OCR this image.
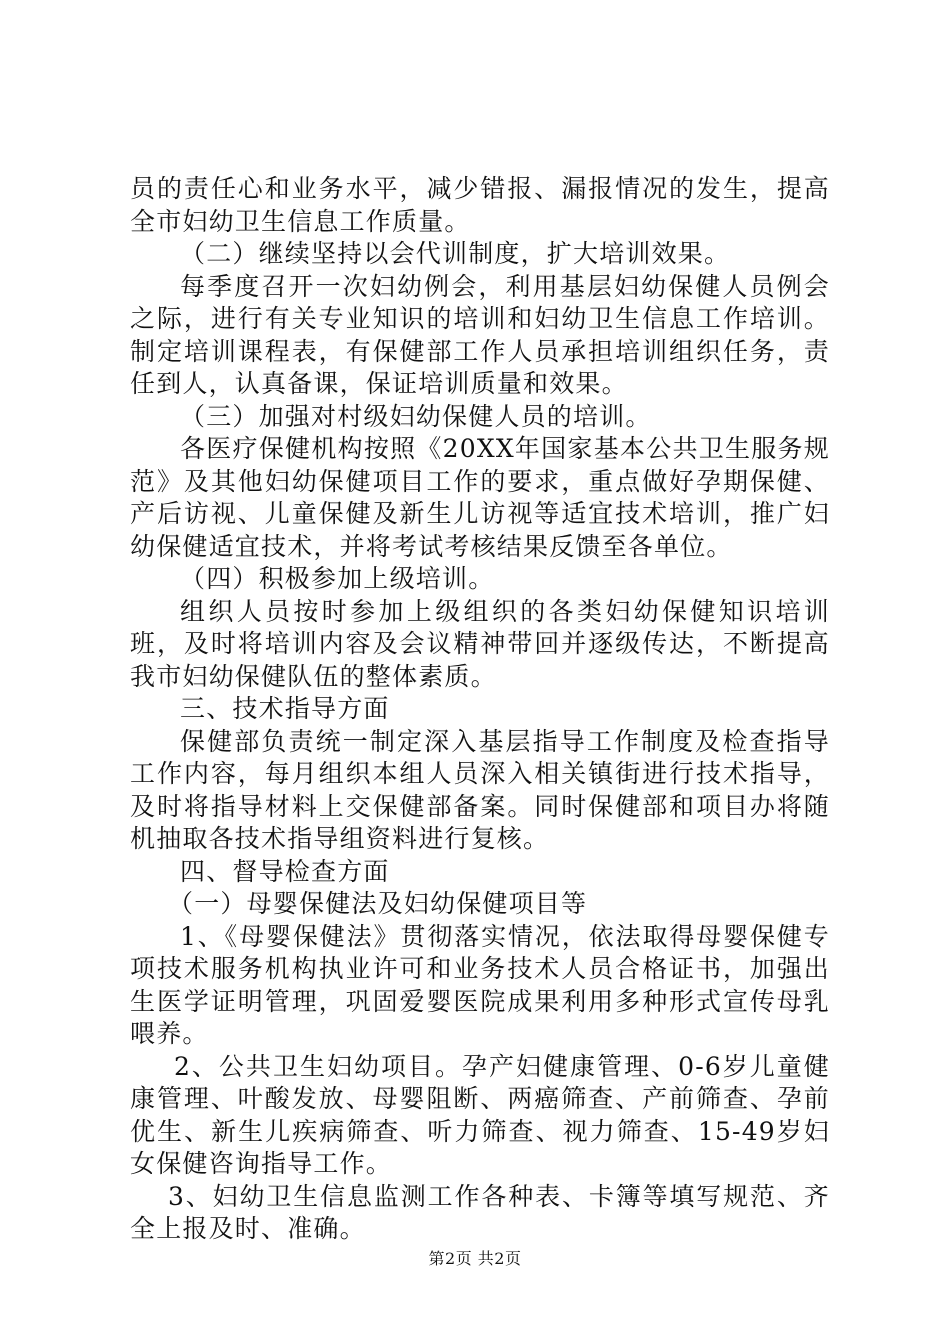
员的责任心和业务水平，减少错报、漏报情况的发生，提高全市妇幼卫生信息工作质量。

（二）继续坚持以会代训制度，扩大培训效果。

每季度召开一次妇幼例会，利用基层妇幼保健人员例会之际，进行有关专业知识的培训和妇幼卫生信息工作培训。制定培训课程表，有保健部工作人员承担培训组织任务，责任到人，认真备课，保证培训质量和效果。

（三）加强对村级妇幼保健人员的培训。

各医疗保健机构按照《20XX年国家基本公共卫生服务规范》及其他妇幼保健项目工作的要求，重点做好孕期保健、产后访视、儿童保健及新生儿访视等适宜技术培训，推广妇幼保健适宜技术，并将考试考核结果反馈至各单位。

（四）积极参加上级培训。

组织人员按时参加上级组织的各类妇幼保健知识培训班，及时将培训内容及会议精神带回并逐级传达，不断提高我市妇幼保健队伍的整体素质。

三、技术指导方面

保健部负责统一制定深入基层指导工作制度及检查指导工作内容，每月组织本组人员深入相关镇街进行技术指导，及时将指导材料上交保健部备案。同时保健部和项目办将随机抽取各技术指导组资料进行复核。

四、督导检查方面

（一）母婴保健法及妇幼保健项目等

1、《母婴保健法》贯彻落实情况，依法取得母婴保健专项技术服务机构执业许可和业务技术人员合格证书，加强出生医学证明管理，巩固爱婴医院成果利用多种形式宣传母乳喂养。

2、公共卫生妇幼项目。孕产妇健康管理、0-6岁儿童健康管理、叶酸发放、母婴阻断、两癌筛查、产前筛查、孕前优生、新生儿疾病筛查、听力筛查、视力筛查、15-49岁妇女保健咨询指导工作。

3、妇幼卫生信息监测工作各种表、卡簿等填写规范、齐全上报及时、准确。

第2页 共2页
